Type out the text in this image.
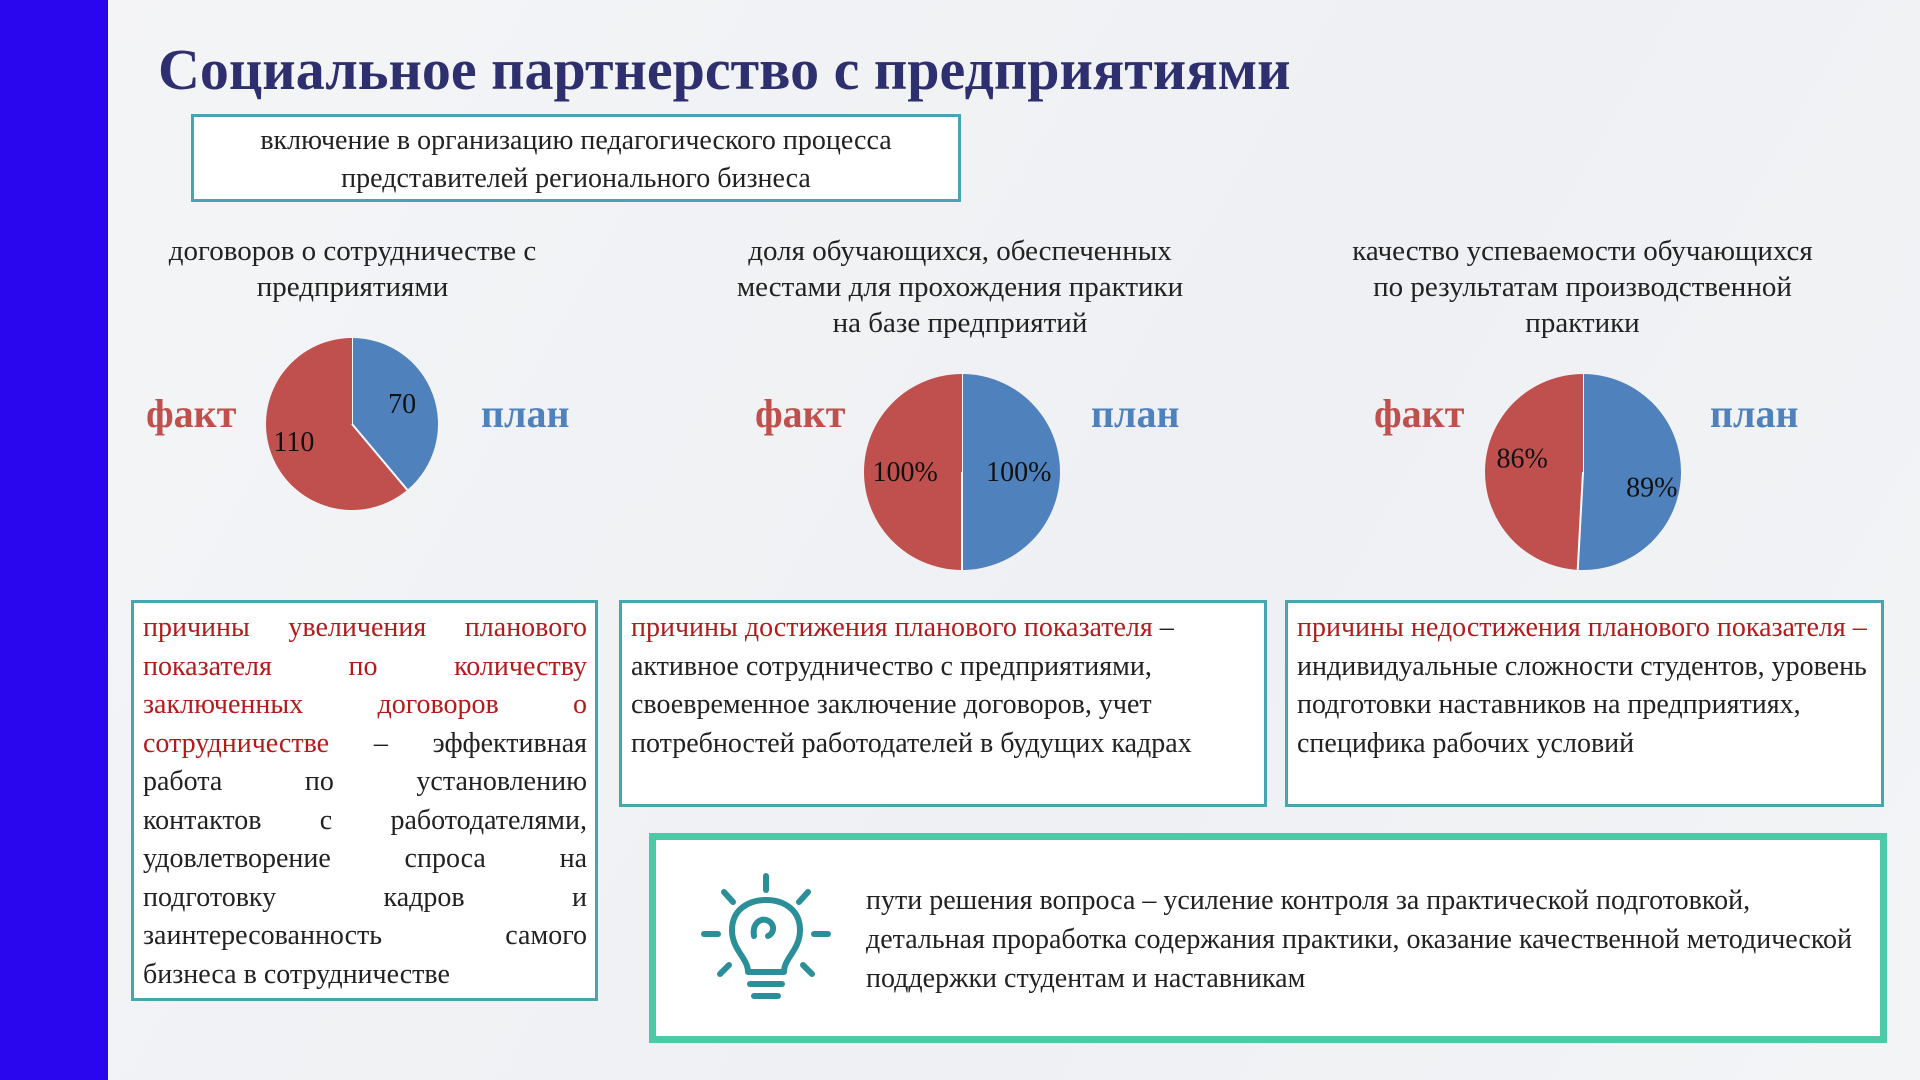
Социальное партнерство с предприятиями
включение в организацию педагогического процесса
представителей регионального бизнеса
договоров о сотрудничестве с
предприятиями
факт	план
70
110
доля обучающихся, обеспеченных
местами для прохождения практики
на базе предприятий
факт	план
100%
100%
качество успеваемости обучающихся
по результатам производственной
практики
факт	план
89%
86%
причины увеличения планового
показателя по количеству
заключенных договоров о
сотрудничестве – эффективная
работа по установлению
контактов с работодателями,
удовлетворение спроса на
подготовку кадров и
заинтересованность самого
бизнеса в сотрудничестве
причины достижения планового показателя – активное сотрудничество с предприятиями, своевременное заключение договоров, учет потребностей работодателей в будущих кадрах
причины недостижения планового показателя – индивидуальные сложности студентов, уровень подготовки наставников на предприятиях, специфика рабочих условий
пути решения вопроса – усиление контроля за практической подготовкой, детальная проработка содержания практики, оказание качественной методической поддержки студентам и наставникам
